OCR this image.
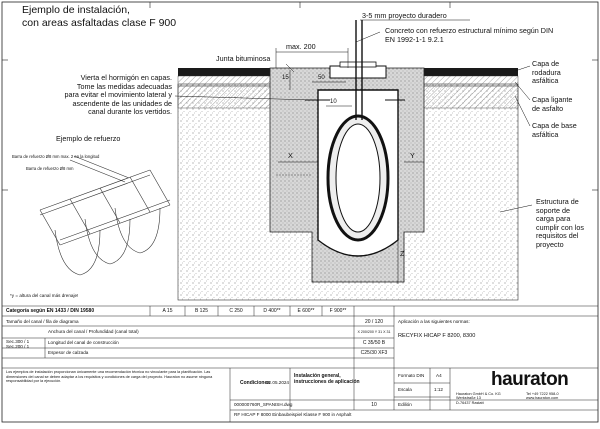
Ejemplo de instalación,
con areas asfaltadas clase F 900
3-5 mm proyecto duradero
Concreto con refuerzo estructural mínimo según DIN
EN 1992-1-1 9.2.1
Junta bituminosa
max. 200
15	50
10
X	Y
Z
Vierta el hormigón en capas.
Tome las medidas adecuadas
para evitar el movimiento lateral y
ascendente de las unidades de
canal durante los vertidos.
Ejemplo de refuerzo
Barra de refuerzo Ø8 mm max. 2 en la longitud
Barra de refuerzo Ø8 mm
Capa de
rodadura
asfáltica
Capa ligante
de asfalto
Capa de base
asfáltica
Estructura de
soporte de
carga para
cumplir con los
requisitos del
proyecto
*y = altura del canal más drenaje!
Categoría según EN 1433 / DIN 19580	A 15	B 125	C 250	D 400**	E 600**	F 900**
Tamaño del canal / fila de diagrama	20 / 120
Sec.300 / 1
Sec.200 / 1
Anchura del canal / Profundidad (canal total)	X 200/200 Y 31 X 31
Longitud del canal de construcción	C 35/50 B
Espesor de calzada	C25/30 XF3
Aplicación a las siguientes normas:
RECYFIX HICAP F 8200, 8300
Los ejemplos de instalación proporcionan únicamente una recomendación técnica no vinculante para la planificación. Las dimensiones del canal se deben adaptar a los requisitos y condiciones de carga del proyecto. Hauraton no asume ninguna responsabilidad por la ejecución.	Condiciones
12.05.2024
Instalación general,
instrucciones de aplicación
000000760R_SPANISH.dwg	10
Formato DIN	A4
Escala	1:12
Edilión
hauraton
Hauraton GmbH & Co. KG
Werkstraße 13
D-76437 Rastatt
Tel +49 7222 958-0
www.hauraton.com
RF HICAP F 8000 Einbaubeispiel Klasse F 900 in Asphalt
